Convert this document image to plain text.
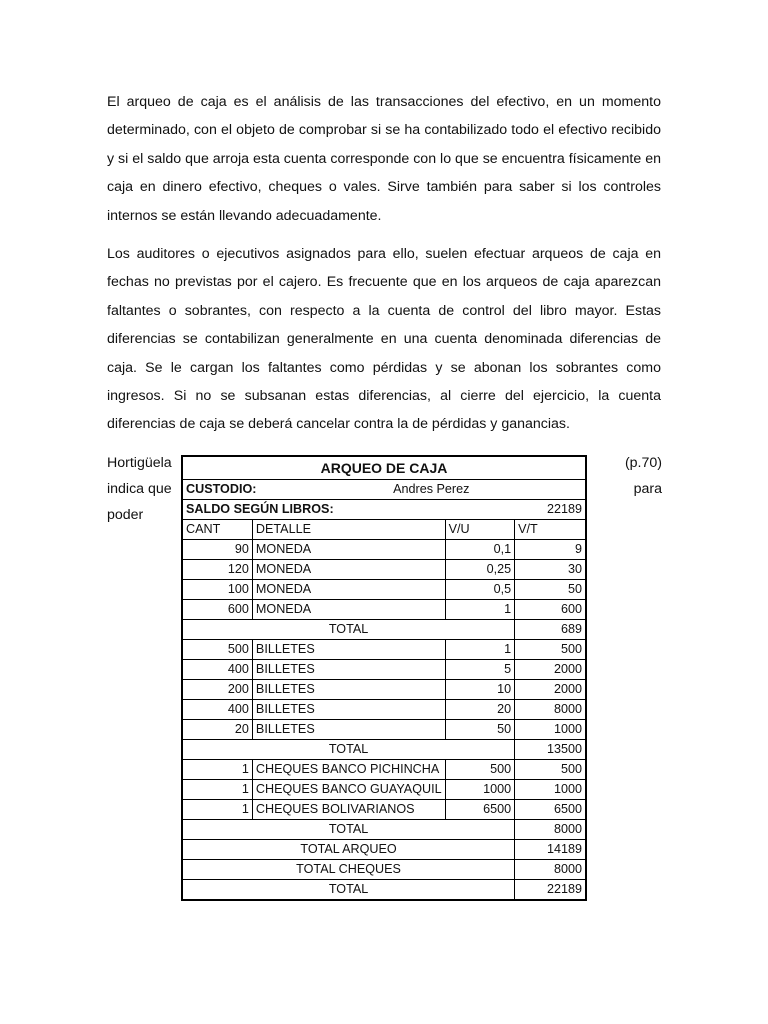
El arqueo de caja es el análisis de las transacciones del efectivo, en un momento determinado, con el objeto de comprobar si se ha contabilizado todo el efectivo recibido y si el saldo que arroja esta cuenta corresponde con lo que se encuentra físicamente en caja en dinero efectivo, cheques o vales. Sirve también para saber si los controles internos se están llevando adecuadamente.

Los auditores o ejecutivos asignados para ello, suelen efectuar arqueos de caja en fechas no previstas por el cajero. Es frecuente que en los arqueos de caja aparezcan faltantes o sobrantes, con respecto a la cuenta de control del libro mayor. Estas diferencias se contabilizan generalmente en una cuenta denominada diferencias de caja. Se le cargan los faltantes como pérdidas y se abonan los sobrantes como ingresos. Si no se subsanan estas diferencias, al cierre del ejercicio, la cuenta diferencias de caja se deberá cancelar contra la de pérdidas y ganancias.

Hortigüela
indica que
poder
(p.70)
para
ARQUEO DE CAJA			
CUSTODIO:		Andres Perez	
SALDO SEGÚN LIBROS:		22189	
CANT	DETALLE	V/U	V/T
90	MONEDA	0,1	9
120	MONEDA	0,25	30
100	MONEDA	0,5	50
600	MONEDA	1	600
TOTAL			689
500	BILLETES	1	500
400	BILLETES	5	2000
200	BILLETES	10	2000
400	BILLETES	20	8000
20	BILLETES	50	1000
TOTAL			13500
1	CHEQUES BANCO PICHINCHA	500	500
1	CHEQUES BANCO GUAYAQUIL	1000	1000
1	CHEQUES BOLIVARIANOS	6500	6500
TOTAL			8000
TOTAL ARQUEO			14189
TOTAL CHEQUES			8000
TOTAL			22189
